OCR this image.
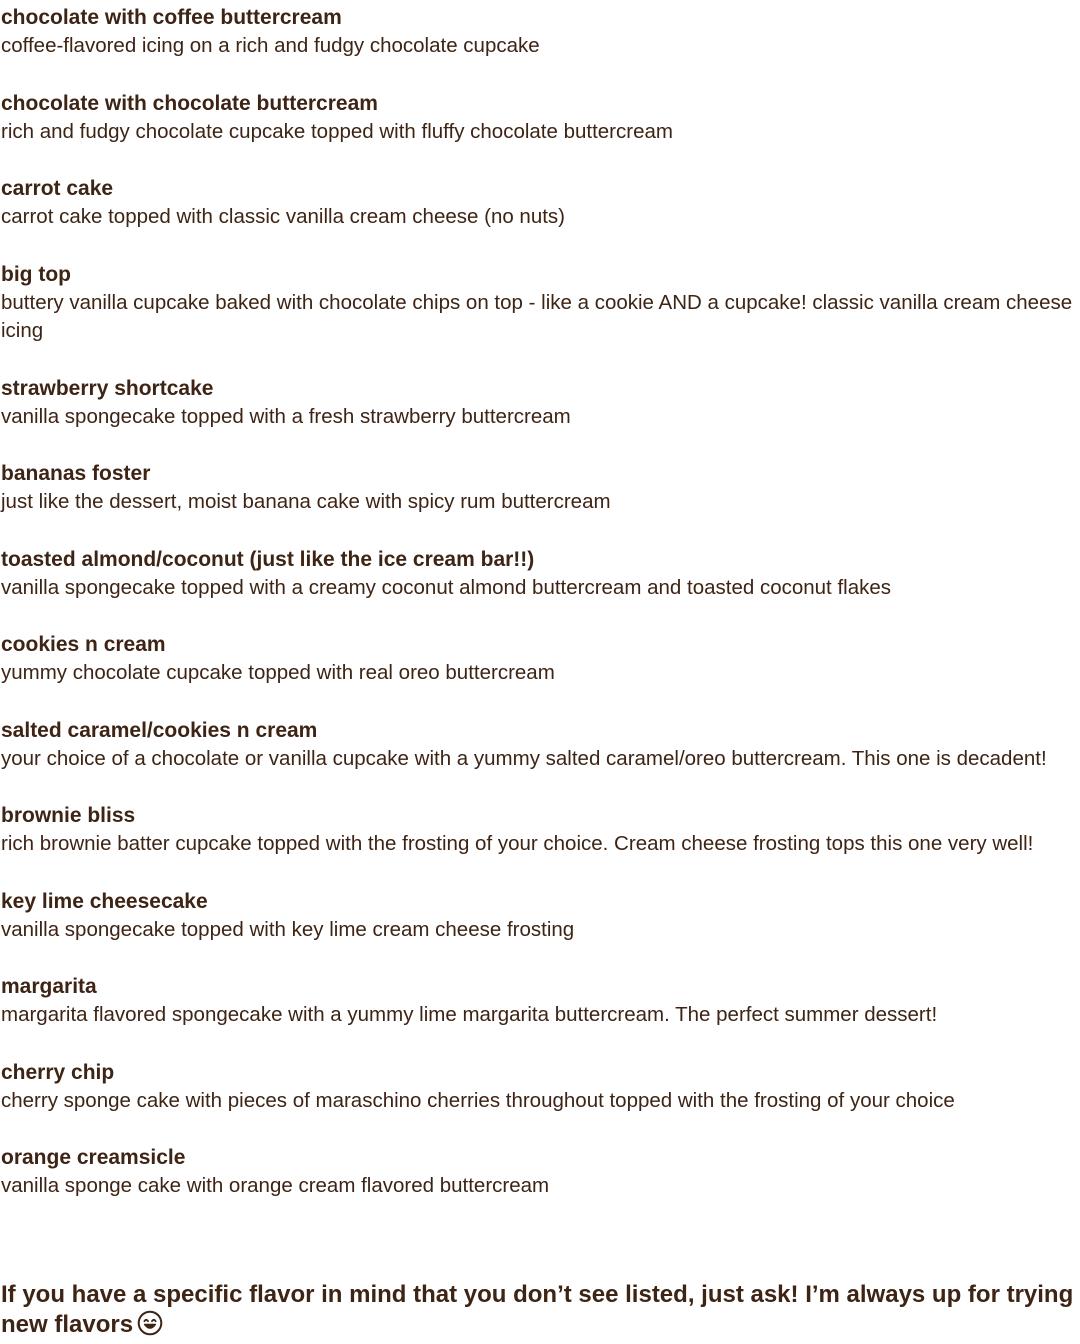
chocolate with coffee buttercream
coffee-flavored icing on a rich and fudgy chocolate cupcake
chocolate with chocolate buttercream
rich and fudgy chocolate cupcake topped with fluffy chocolate buttercream
carrot cake
carrot cake topped with classic vanilla cream cheese (no nuts)
big top
buttery vanilla cupcake baked with chocolate chips on top - like a cookie AND a cupcake! classic vanilla cream cheese icing
strawberry shortcake
vanilla spongecake topped with a fresh strawberry buttercream
bananas foster
just like the dessert, moist banana cake with spicy rum buttercream
toasted almond/coconut (just like the ice cream bar!!)
vanilla spongecake topped with a creamy coconut almond buttercream and toasted coconut flakes
cookies n cream
yummy chocolate cupcake topped with real oreo buttercream
salted caramel/cookies n cream
your choice of a chocolate or vanilla cupcake with a yummy salted caramel/oreo buttercream. This one is decadent!
brownie bliss
rich brownie batter cupcake topped with the frosting of your choice. Cream cheese frosting tops this one very well!
key lime cheesecake
vanilla spongecake topped with key lime cream cheese frosting
margarita
margarita flavored spongecake with a yummy lime margarita buttercream. The perfect summer dessert!
cherry chip
cherry sponge cake with pieces of maraschino cherries throughout topped with the frosting of your choice
orange creamsicle
vanilla sponge cake with orange cream flavored buttercream
If you have a specific flavor in mind that you don’t see listed, just ask! I’m always up for trying new flavors
